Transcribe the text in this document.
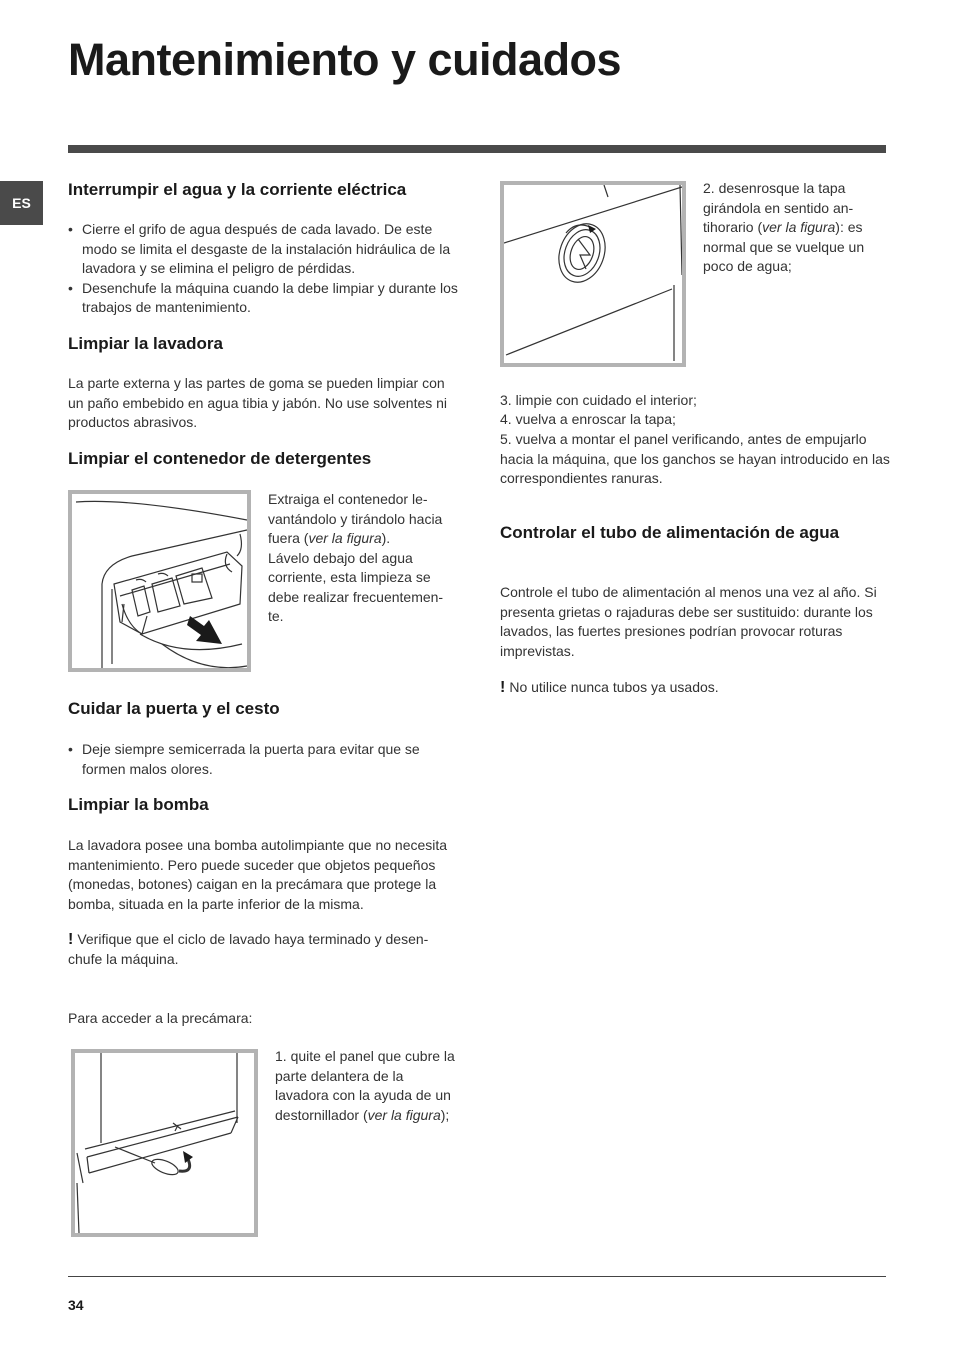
Mantenimiento y cuidados
ES
Interrumpir el agua y la corriente eléctrica
• Cierre el grifo de agua después de cada lavado. De este modo se limita el desgaste de la instalación hidráulica de la lavadora y se elimina el peligro de pérdidas.
• Desenchufe la máquina cuando la debe limpiar y durante los trabajos de mantenimiento.
Limpiar la lavadora

La parte externa y las partes de goma se pueden limpiar con un paño embebido en agua tibia y jabón. No use solventes ni productos abrasivos.

Limpiar el contenedor de detergentes

Extraiga el contenedor le-vantándolo y tirándolo hacia fuera (ver la figura).
Lávelo debajo del agua corriente, esta limpieza se debe realizar frecuentemen-te.

Cuidar la puerta y el cesto
• Deje siempre semicerrada la puerta para evitar que se formen malos olores.
Limpiar la bomba

La lavadora posee una bomba autolimpiante que no necesita mantenimiento. Pero puede suceder que objetos pequeños (monedas, botones) caigan en la precámara que protege la bomba, situada en la parte inferior de la misma.

! Verifique que el ciclo de lavado haya terminado y desen-chufe la máquina.

Para acceder a la precámara:

1. quite el panel que cubre la parte delantera de la lavadora con la ayuda de un destornillador (ver la figura);

2. desenrosque la tapa girándola en sentido an-tihorario (ver la figura): es normal que se vuelque un poco de agua;

3. limpie con cuidado el interior;

4. vuelva a enroscar la tapa;

5. vuelva a montar el panel verificando, antes de empujarlo hacia la máquina, que los ganchos se hayan introducido en las correspondientes ranuras.

Controlar el tubo de alimentación de agua

Controle el tubo de alimentación al menos una vez al año. Si presenta grietas o rajaduras debe ser sustituido: durante los lavados, las fuertes presiones podrían provocar roturas imprevistas.

! No utilice nunca tubos ya usados.

34
